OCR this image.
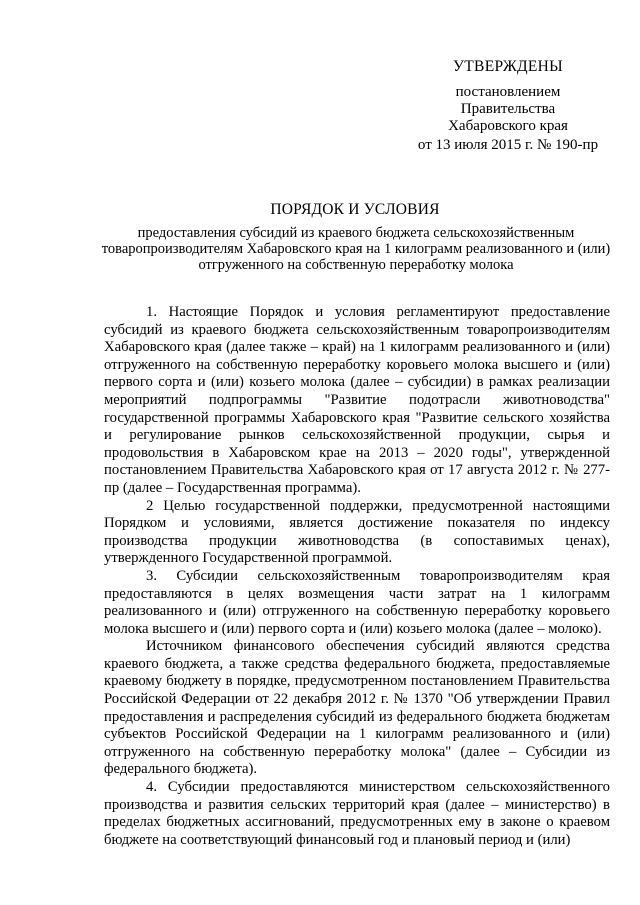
УТВЕРЖДЕНЫ
постановлением
Правительства
Хабаровского края
от 13 июля 2015 г. № 190-пр
ПОРЯДОК И УСЛОВИЯ
предоставления субсидий из краевого бюджета сельскохозяйственным товаропроизводителям Хабаровского края на 1 килограмм реализованного и (или) отгруженного на собственную переработку молока

1. Настоящие Порядок и условия регламентируют предоставление субсидий из краевого бюджета сельскохозяйственным товаропроизводителям Хабаровского края (далее также – край) на 1 килограмм реализованного и (или) отгруженного на собственную переработку коровьего молока высшего и (или) первого сорта и (или) козьего молока (далее – субсидии) в рамках реализации мероприятий подпрограммы "Развитие подотрасли животноводства" государственной программы Хабаровского края "Развитие сельского хозяйства и регулирование рынков сельскохозяйственной продукции, сырья и продовольствия в Хабаровском крае на 2013 – 2020 годы", утвержденной постановлением Правительства Хабаровского края от 17 августа 2012 г. № 277-пр (далее – Государственная программа).

2 Целью государственной поддержки, предусмотренной настоящими Порядком и условиями, является достижение показателя по индексу производства продукции животноводства (в сопоставимых ценах), утвержденного Государственной программой.

3. Субсидии сельскохозяйственным товаропроизводителям края предоставляются в целях возмещения части затрат на 1 килограмм реализованного и (или) отгруженного на собственную переработку коровьего молока высшего и (или) первого сорта и (или) козьего молока (далее – молоко).

Источником финансового обеспечения субсидий являются средства краевого бюджета, а также средства федерального бюджета, предоставляемые краевому бюджету в порядке, предусмотренном постановлением Правительства Российской Федерации от 22 декабря 2012 г. № 1370 "Об утверждении Правил предоставления и распределения субсидий из федерального бюджета бюджетам субъектов Российской Федерации на 1 килограмм реализованного и (или) отгруженного на собственную переработку молока" (далее – Субсидии из федерального бюджета).

4. Субсидии предоставляются министерством сельскохозяйственного производства и развития сельских территорий края (далее – министерство) в пределах бюджетных ассигнований, предусмотренных ему в законе о краевом бюджете на соответствующий финансовый год и плановый период и (или)
